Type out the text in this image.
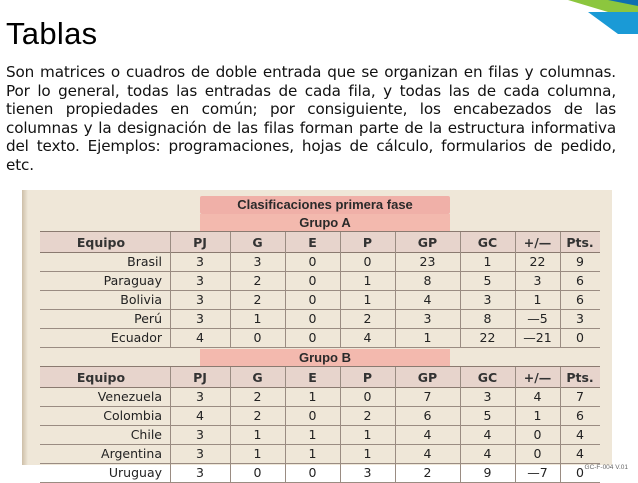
Tablas
Son matrices o cuadros de doble entrada que se organizan en filas y columnas. Por lo general, todas las entradas de cada fila, y todas las de cada columna, tienen propiedades en común; por consiguiente, los encabezados de las columnas y la designación de las filas forman parte de la estructura informativa del texto. Ejemplos: programaciones, hojas de cálculo, formularios de pedido, etc.
Clasificaciones primera fase
Grupo A
Equipo	PJ	G	E	P	GP	GC	+/—	Pts.
Brasil	3	3	0	0	23	1	22	9
Paraguay	3	2	0	1	8	5	3	6
Bolivia	3	2	0	1	4	3	1	6
Perú	3	1	0	2	3	8	—5	3
Ecuador	4	0	0	4	1	22	—21	0
Grupo B
Equipo	PJ	G	E	P	GP	GC	+/—	Pts.
Venezuela	3	2	1	0	7	3	4	7
Colombia	4	2	0	2	6	5	1	6
Chile	3	1	1	1	4	4	0	4
Argentina	3	1	1	1	4	4	0	4
Uruguay	3	0	0	3	2	9	—7	0 GC-F-004 V.01
